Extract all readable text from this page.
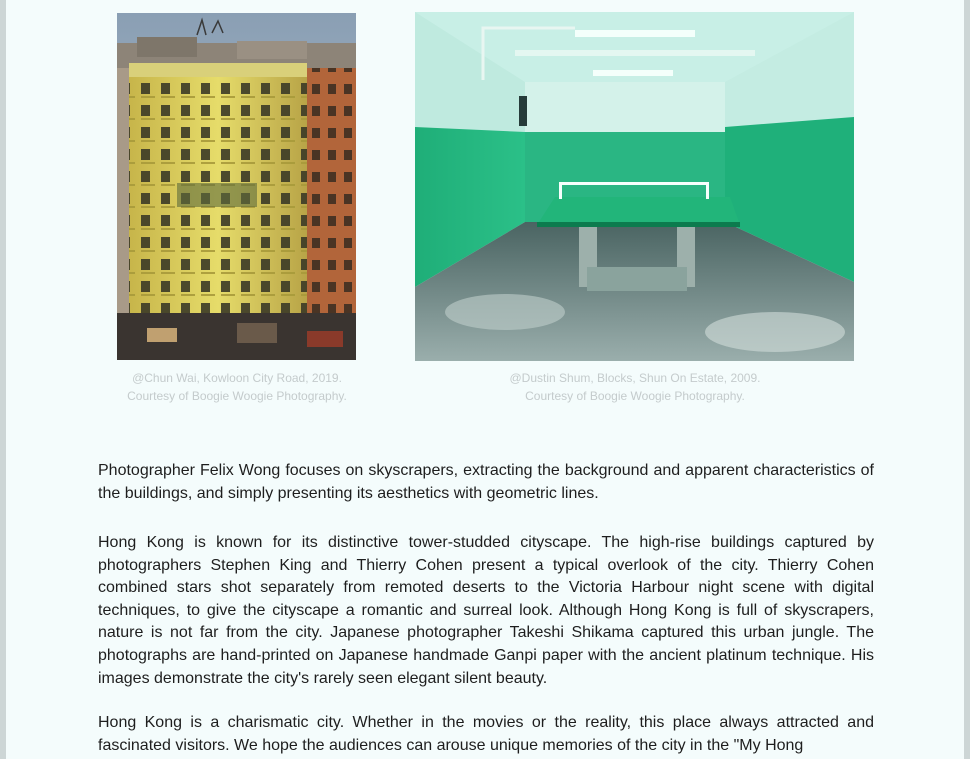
@Chun Wai, Kowloon City Road, 2019.
Courtesy of Boogie Woogie Photography.
@Dustin Shum, Blocks, Shun On Estate, 2009.
Courtesy of Boogie Woogie Photography.

Photographer Felix Wong focuses on skyscrapers, extracting the background and apparent characteristics of the buildings, and simply presenting its aesthetics with geometric lines.

Hong Kong is known for its distinctive tower-studded cityscape. The high-rise buildings captured by photographers Stephen King and Thierry Cohen present a typical overlook of the city. Thierry Cohen combined stars shot separately from remoted deserts to the Victoria Harbour night scene with digital techniques, to give the cityscape a romantic and surreal look. Although Hong Kong is full of skyscrapers, nature is not far from the city. Japanese photographer Takeshi Shikama captured this urban jungle. The photographs are hand-printed on Japanese handmade Ganpi paper with the ancient platinum technique. His images demonstrate the city's rarely seen elegant silent beauty.

Hong Kong is a charismatic city. Whether in the movies or the reality, this place always attracted and fascinated visitors. We hope the audiences can arouse unique memories of the city in the "My Hong
